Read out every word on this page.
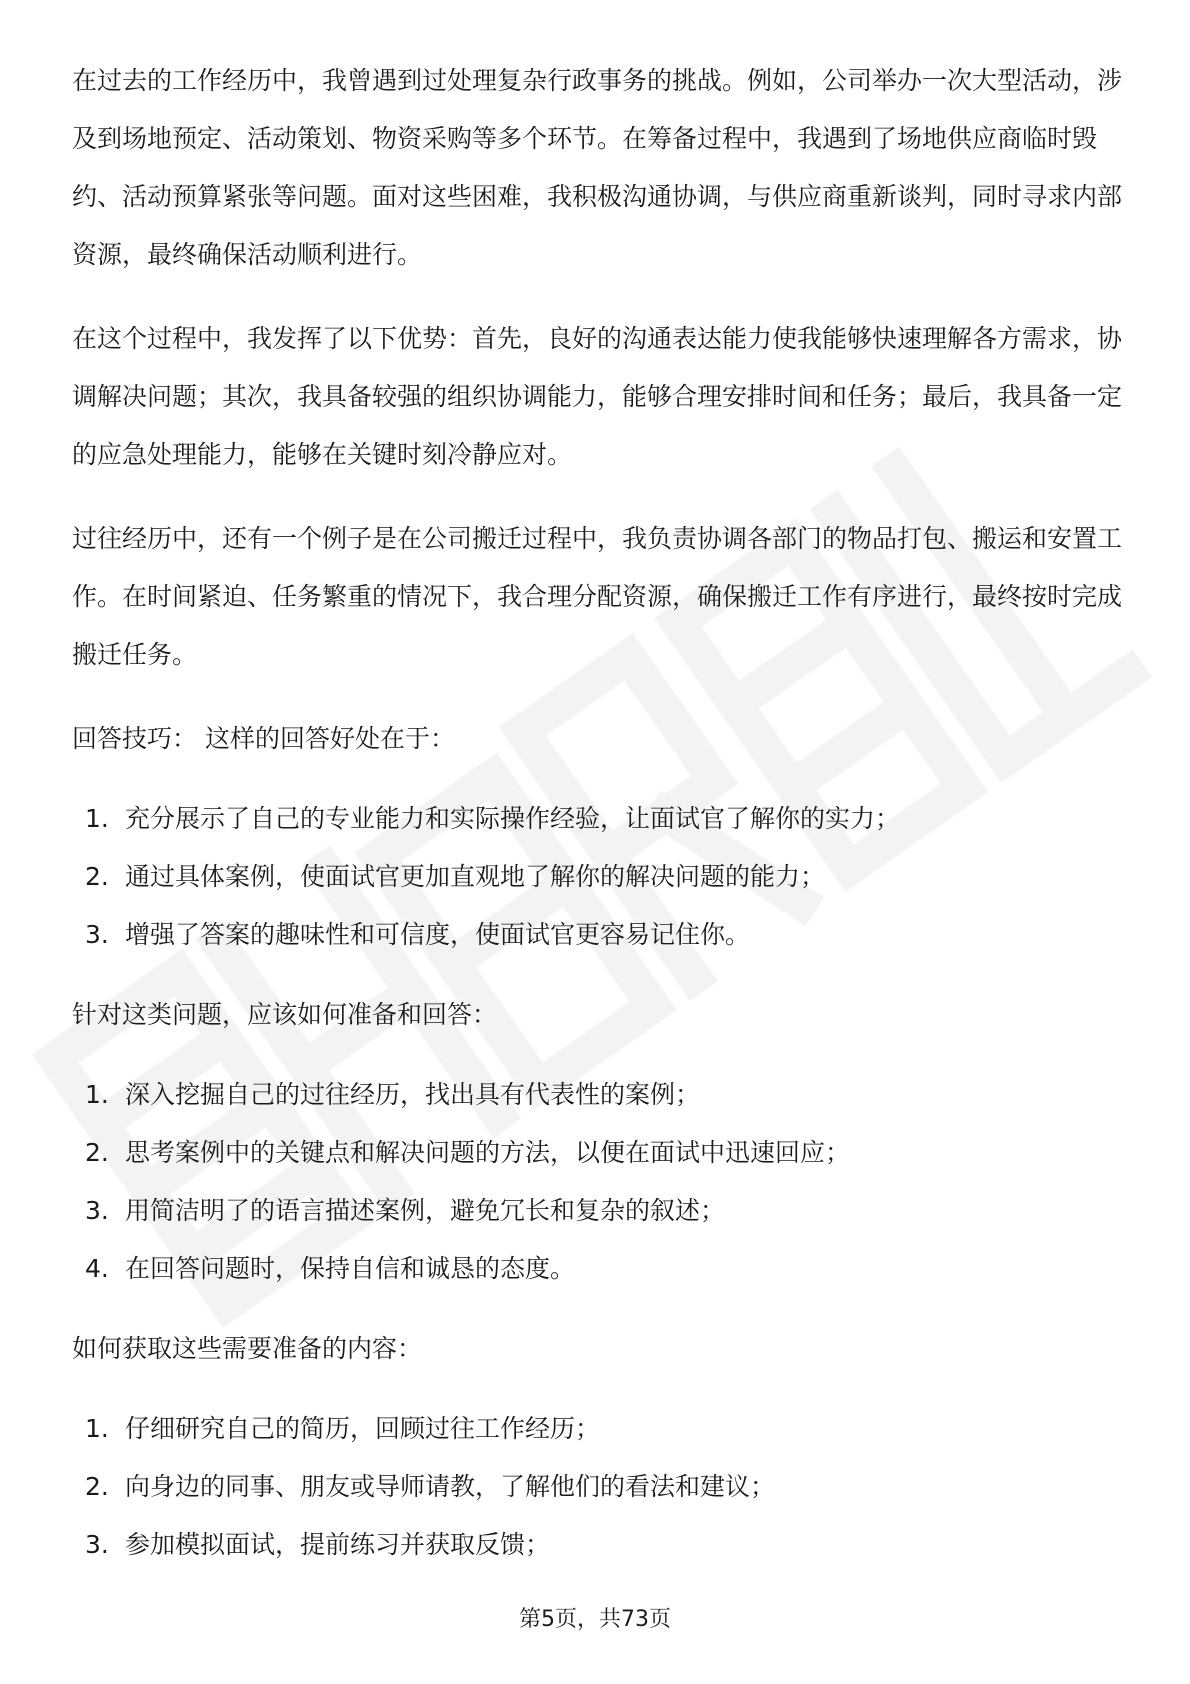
在过去的工作经历中，我曾遇到过处理复杂行政事务的挑战。例如，公司举办一次大型活动，涉及到场地预定、活动策划、物资采购等多个环节。在筹备过程中，我遇到了场地供应商临时毁约、活动预算紧张等问题。面对这些困难，我积极沟通协调，与供应商重新谈判，同时寻求内部资源，最终确保活动顺利进行。

在这个过程中，我发挥了以下优势：首先，良好的沟通表达能力使我能够快速理解各方需求，协调解决问题；其次，我具备较强的组织协调能力，能够合理安排时间和任务；最后，我具备一定的应急处理能力，能够在关键时刻冷静应对。

过往经历中，还有一个例子是在公司搬迁过程中，我负责协调各部门的物品打包、搬运和安置工作。在时间紧迫、任务繁重的情况下，我合理分配资源，确保搬迁工作有序进行，最终按时完成搬迁任务。

回答技巧： 这样的回答好处在于：

1. 充分展示了自己的专业能力和实际操作经验，让面试官了解你的实力；
2. 通过具体案例，使面试官更加直观地了解你的解决问题的能力；
3. 增强了答案的趣味性和可信度，使面试官更容易记住你。

针对这类问题，应该如何准备和回答：

1. 深入挖掘自己的过往经历，找出具有代表性的案例；
2. 思考案例中的关键点和解决问题的方法，以便在面试中迅速回应；
3. 用简洁明了的语言描述案例，避免冗长和复杂的叙述；
4. 在回答问题时，保持自信和诚恳的态度。

如何获取这些需要准备的内容：

1. 仔细研究自己的简历，回顾过往工作经历；
2. 向身边的同事、朋友或导师请教，了解他们的看法和建议；
3. 参加模拟面试，提前练习并获取反馈；
第5页，共73页
